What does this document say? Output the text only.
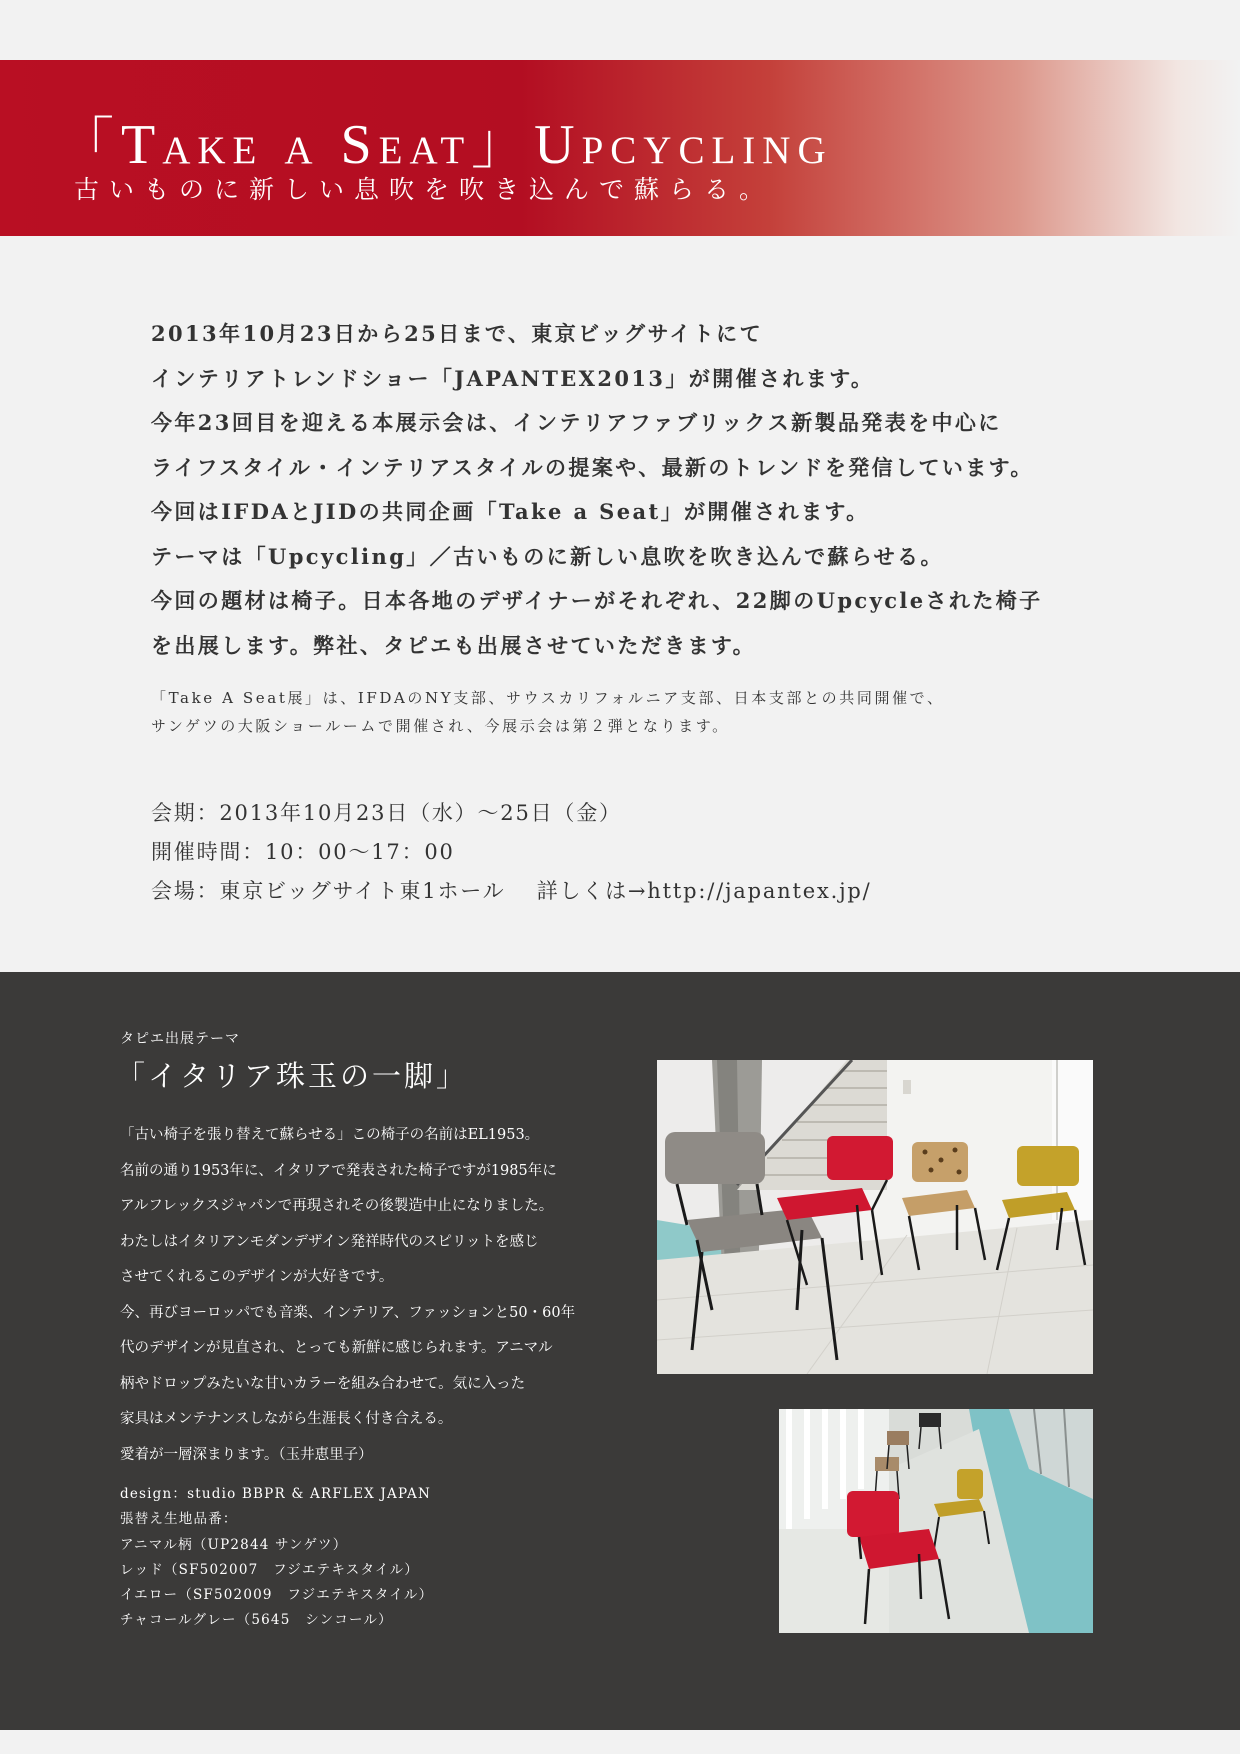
「Take a Seat」Upcycling
古いものに新しい息吹を吹き込んで蘇らる。

2013年10月23日から25日まで、東京ビッグサイトにて

インテリアトレンドショー「JAPANTEX2013」が開催されます。

今年23回目を迎える本展示会は、インテリアファブリックス新製品発表を中心に

ライフスタイル・インテリアスタイルの提案や、最新のトレンドを発信しています。

今回はIFDAとJIDの共同企画「Take a Seat」が開催されます。

テーマは「Upcycling」／古いものに新しい息吹を吹き込んで蘇らせる。

今回の題材は椅子。日本各地のデザイナーがそれぞれ、22脚のUpcycleされた椅子

を出展します。弊社、タピエも出展させていただきます。

「Take A Seat展」は、IFDAのNY支部、サウスカリフォルニア支部、日本支部との共同開催で、

サンゲツの大阪ショールームで開催され、今展示会は第２弾となります。

会期：2013年10月23日（水）～25日（金）

開催時間：10：00～17：00

会場：東京ビッグサイト東1ホール　 詳しくは→http://japantex.jp/

タピエ出展テーマ
「イタリア珠玉の一脚」

「古い椅子を張り替えて蘇らせる」この椅子の名前はEL1953。

名前の通り1953年に、イタリアで発表された椅子ですが1985年に

アルフレックスジャパンで再現されその後製造中止になりました。

わたしはイタリアンモダンデザイン発祥時代のスピリットを感じ

させてくれるこのデザインが大好きです。

今、再びヨーロッパでも音楽、インテリア、ファッションと50・60年

代のデザインが見直され、とっても新鮮に感じられます。アニマル

柄やドロップみたいな甘いカラーを組み合わせて。気に入った

家具はメンテナンスしながら生涯長く付き合える。

愛着が一層深まります。（玉井恵里子）

design：studio BBPR & ARFLEX JAPAN

張替え生地品番：

アニマル柄（UP2844 サンゲツ）

レッド（SF502007　フジエテキスタイル）

イエロー（SF502009　フジエテキスタイル）

チャコールグレー（5645　シンコール）
